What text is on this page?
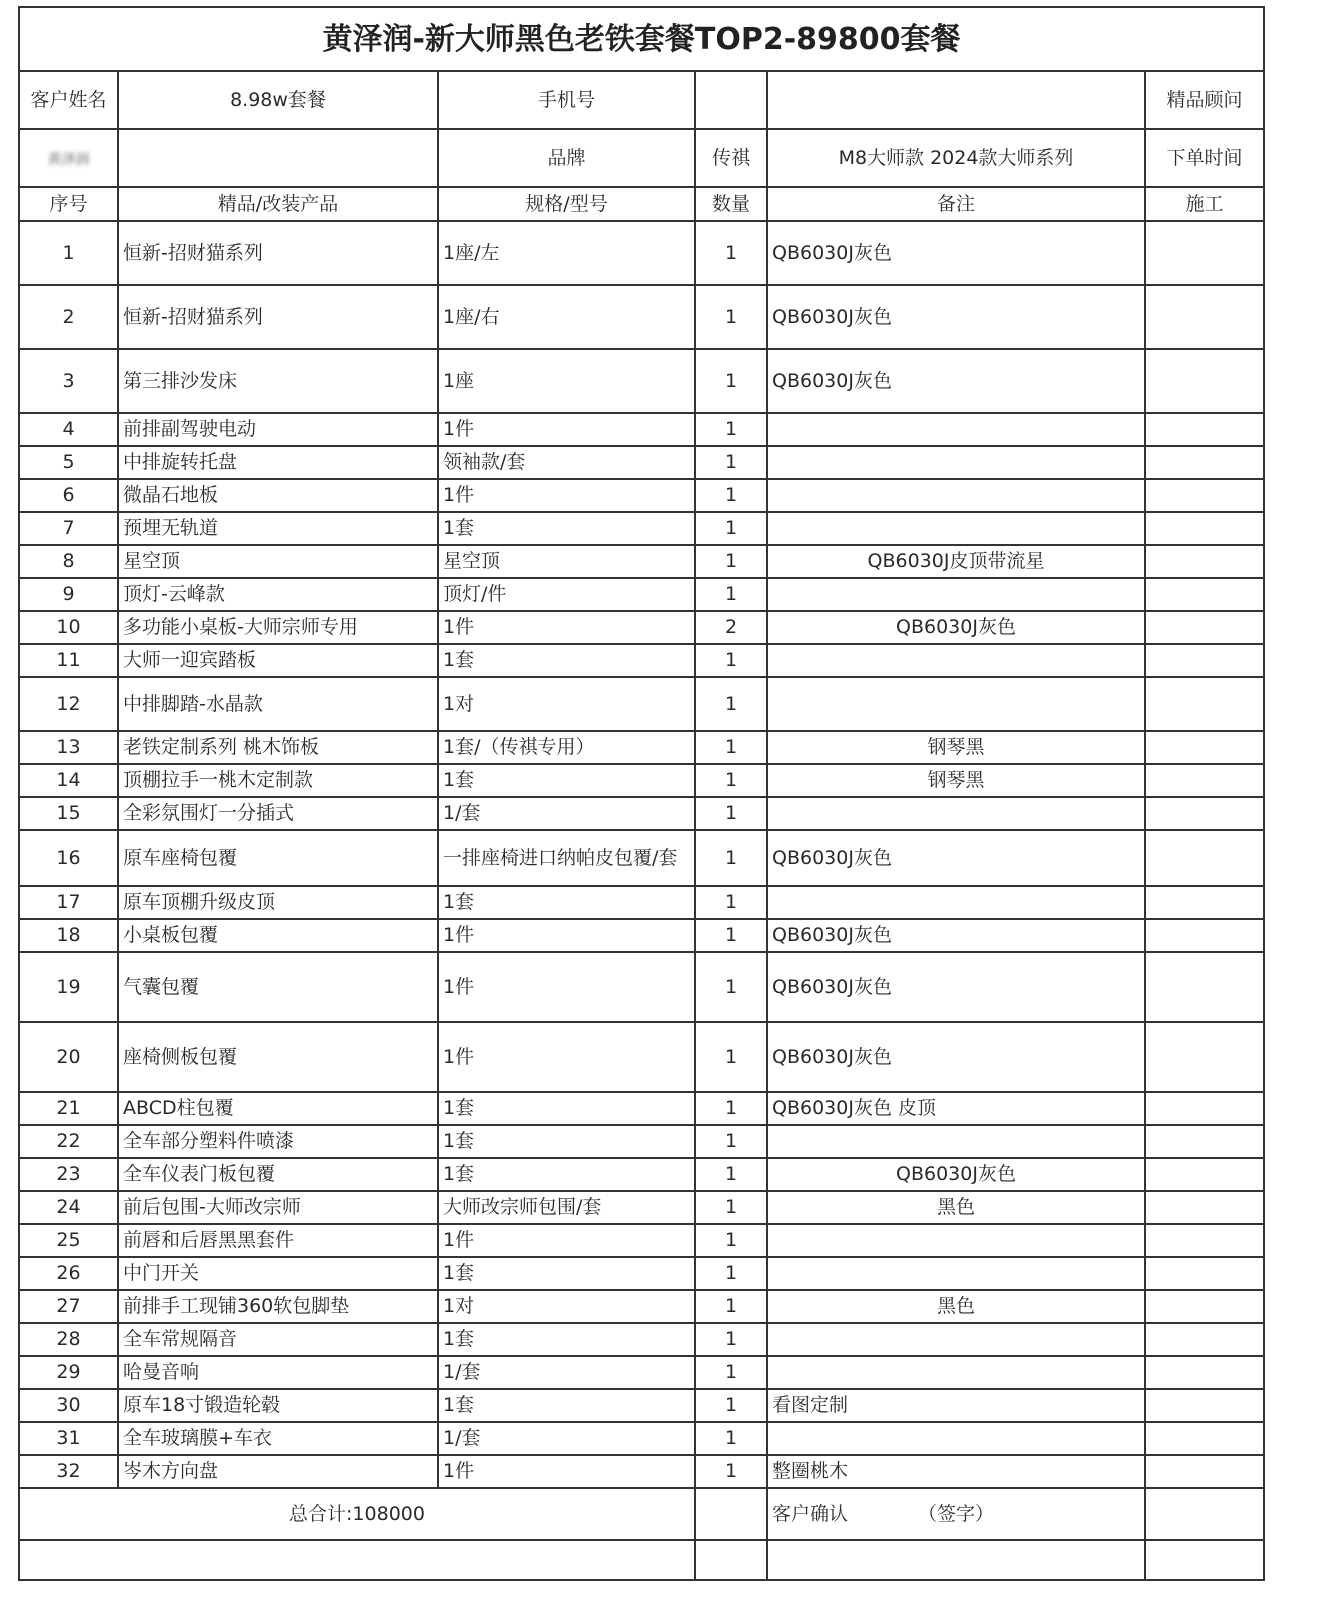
黄泽润-新大师黑色老铁套餐TOP2-89800套餐					
客户姓名	8.98w套餐	手机号			精品顾问
黄泽润		品牌	传祺	M8大师款 2024款大师系列	下单时间
序号	精品/改装产品	规格/型号	数量	备注	施工
1	恒新-招财猫系列	1座/左	1	QB6030J灰色	
2	恒新-招财猫系列	1座/右	1	QB6030J灰色	
3	第三排沙发床	1座	1	QB6030J灰色	
4	前排副驾驶电动	1件	1		
5	中排旋转托盘	领袖款/套	1		
6	微晶石地板	1件	1		
7	预埋无轨道	1套	1		
8	星空顶	星空顶	1	QB6030J皮顶带流星	
9	顶灯-云峰款	顶灯/件	1		
10	多功能小桌板-大师宗师专用	1件	2	QB6030J灰色	
11	大师一迎宾踏板	1套	1		
12	中排脚踏-水晶款	1对	1		
13	老铁定制系列 桃木饰板	1套/（传祺专用）	1	钢琴黑	
14	顶棚拉手一桃木定制款	1套	1	钢琴黑	
15	全彩氛围灯一分插式	1/套	1		
16	原车座椅包覆	一排座椅进口纳帕皮包覆/套	1	QB6030J灰色	
17	原车顶棚升级皮顶	1套	1		
18	小桌板包覆	1件	1	QB6030J灰色	
19	气囊包覆	1件	1	QB6030J灰色	
20	座椅侧板包覆	1件	1	QB6030J灰色	
21	ABCD柱包覆	1套	1	QB6030J灰色 皮顶	
22	全车部分塑料件喷漆	1套	1		
23	全车仪表门板包覆	1套	1	QB6030J灰色	
24	前后包围-大师改宗师	大师改宗师包围/套	1	黑色	
25	前唇和后唇黑黑套件	1件	1		
26	中门开关	1套	1		
27	前排手工现铺360软包脚垫	1对	1	黑色	
28	全车常规隔音	1套	1		
29	哈曼音响	1/套	1		
30	原车18寸锻造轮毂	1套	1	看图定制	
31	全车玻璃膜+车衣	1/套	1		
32	岑木方向盘	1件	1	整圈桃木	
总合计:108000				客户确认 （签字）	
